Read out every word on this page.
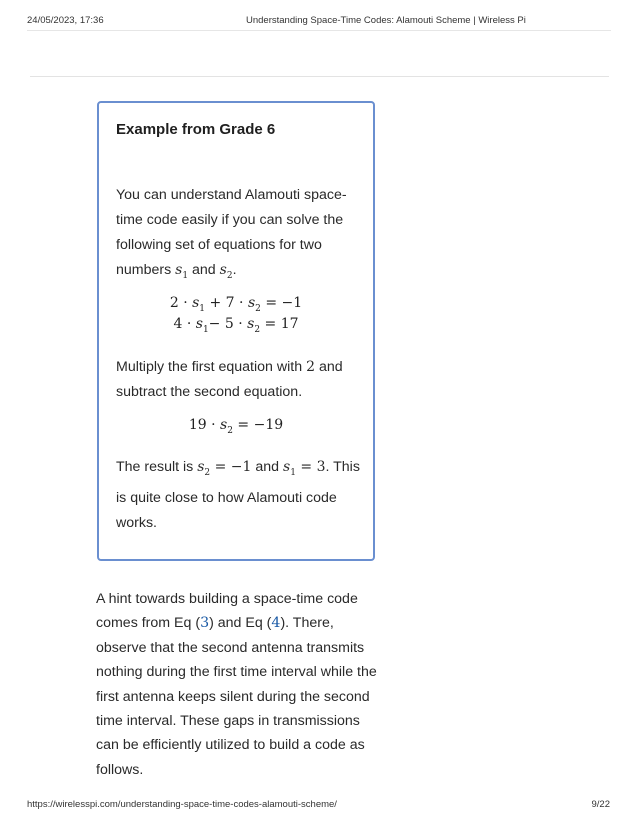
24/05/2023, 17:36	Understanding Space-Time Codes: Alamouti Scheme | Wireless Pi
Example from Grade 6
You can understand Alamouti space-time code easily if you can solve the following set of equations for two numbers $s_1$ and $s_2$.
$2 \cdot s_1 + 7 \cdot s_2 = -1$
$4 \cdot s_1- 5 \cdot s_2 = 17$
Multiply the first equation with 2 and subtract the second equation.
$19 \cdot s_2 = -19$
The result is $s_2 = -1$ and $s_1 = 3$. This is quite close to how Alamouti code works.
A hint towards building a space-time code comes from Eq (3) and Eq (4). There, observe that the second antenna transmits nothing during the first time interval while the first antenna keeps silent during the second time interval. These gaps in transmissions can be efficiently utilized to build a code as follows.
https://wirelesspi.com/understanding-space-time-codes-alamouti-scheme/	9/22
